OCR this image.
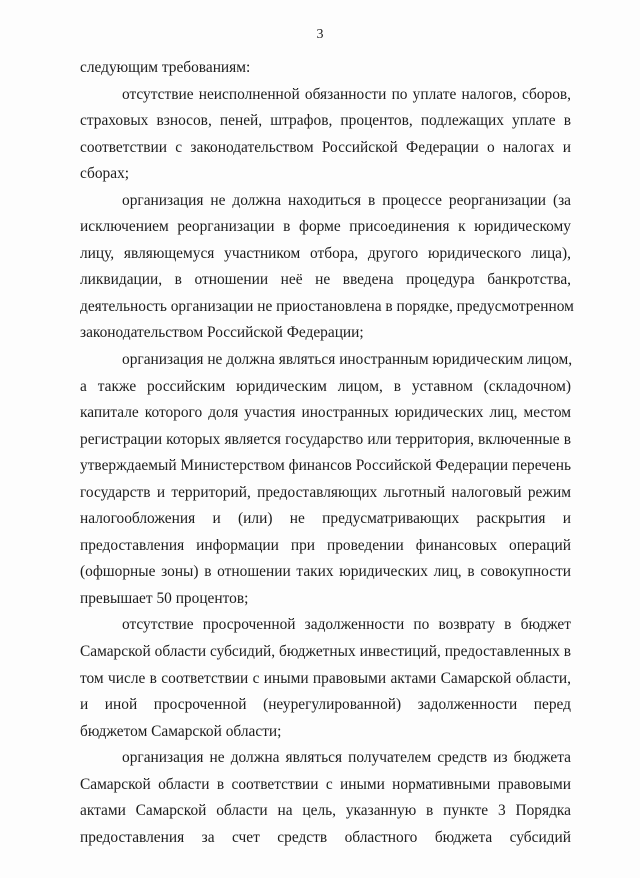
3
следующим требованиям:
отсутствие неисполненной обязанности по уплате налогов, сборов,
страховых взносов, пеней, штрафов, процентов, подлежащих уплате в
соответствии с законодательством Российской Федерации о налогах и
сборах;
организация не должна находиться в процессе реорганизации (за
исключением реорганизации в форме присоединения к юридическому
лицу, являющемуся участником отбора, другого юридического лица),
ликвидации, в отношении неё не введена процедура банкротства,
деятельность организации не приостановлена в порядке, предусмотренном
законодательством Российской Федерации;
организация не должна являться иностранным юридическим лицом,
а также российским юридическим лицом, в уставном (складочном)
капитале которого доля участия иностранных юридических лиц, местом
регистрации которых является государство или территория, включенные в
утверждаемый Министерством финансов Российской Федерации перечень
государств и территорий, предоставляющих льготный налоговый режим
налогообложения и (или) не предусматривающих раскрытия и
предоставления информации при проведении финансовых операций
(офшорные зоны) в отношении таких юридических лиц, в совокупности
превышает 50 процентов;
отсутствие просроченной задолженности по возврату в бюджет
Самарской области субсидий, бюджетных инвестиций, предоставленных в
том числе в соответствии с иными правовыми актами Самарской области,
и иной просроченной (неурегулированной) задолженности перед
бюджетом Самарской области;
организация не должна являться получателем средств из бюджета
Самарской области в соответствии с иными нормативными правовыми
актами Самарской области на цель, указанную в пункте 3 Порядка
предоставления за счет средств областного бюджета субсидий
